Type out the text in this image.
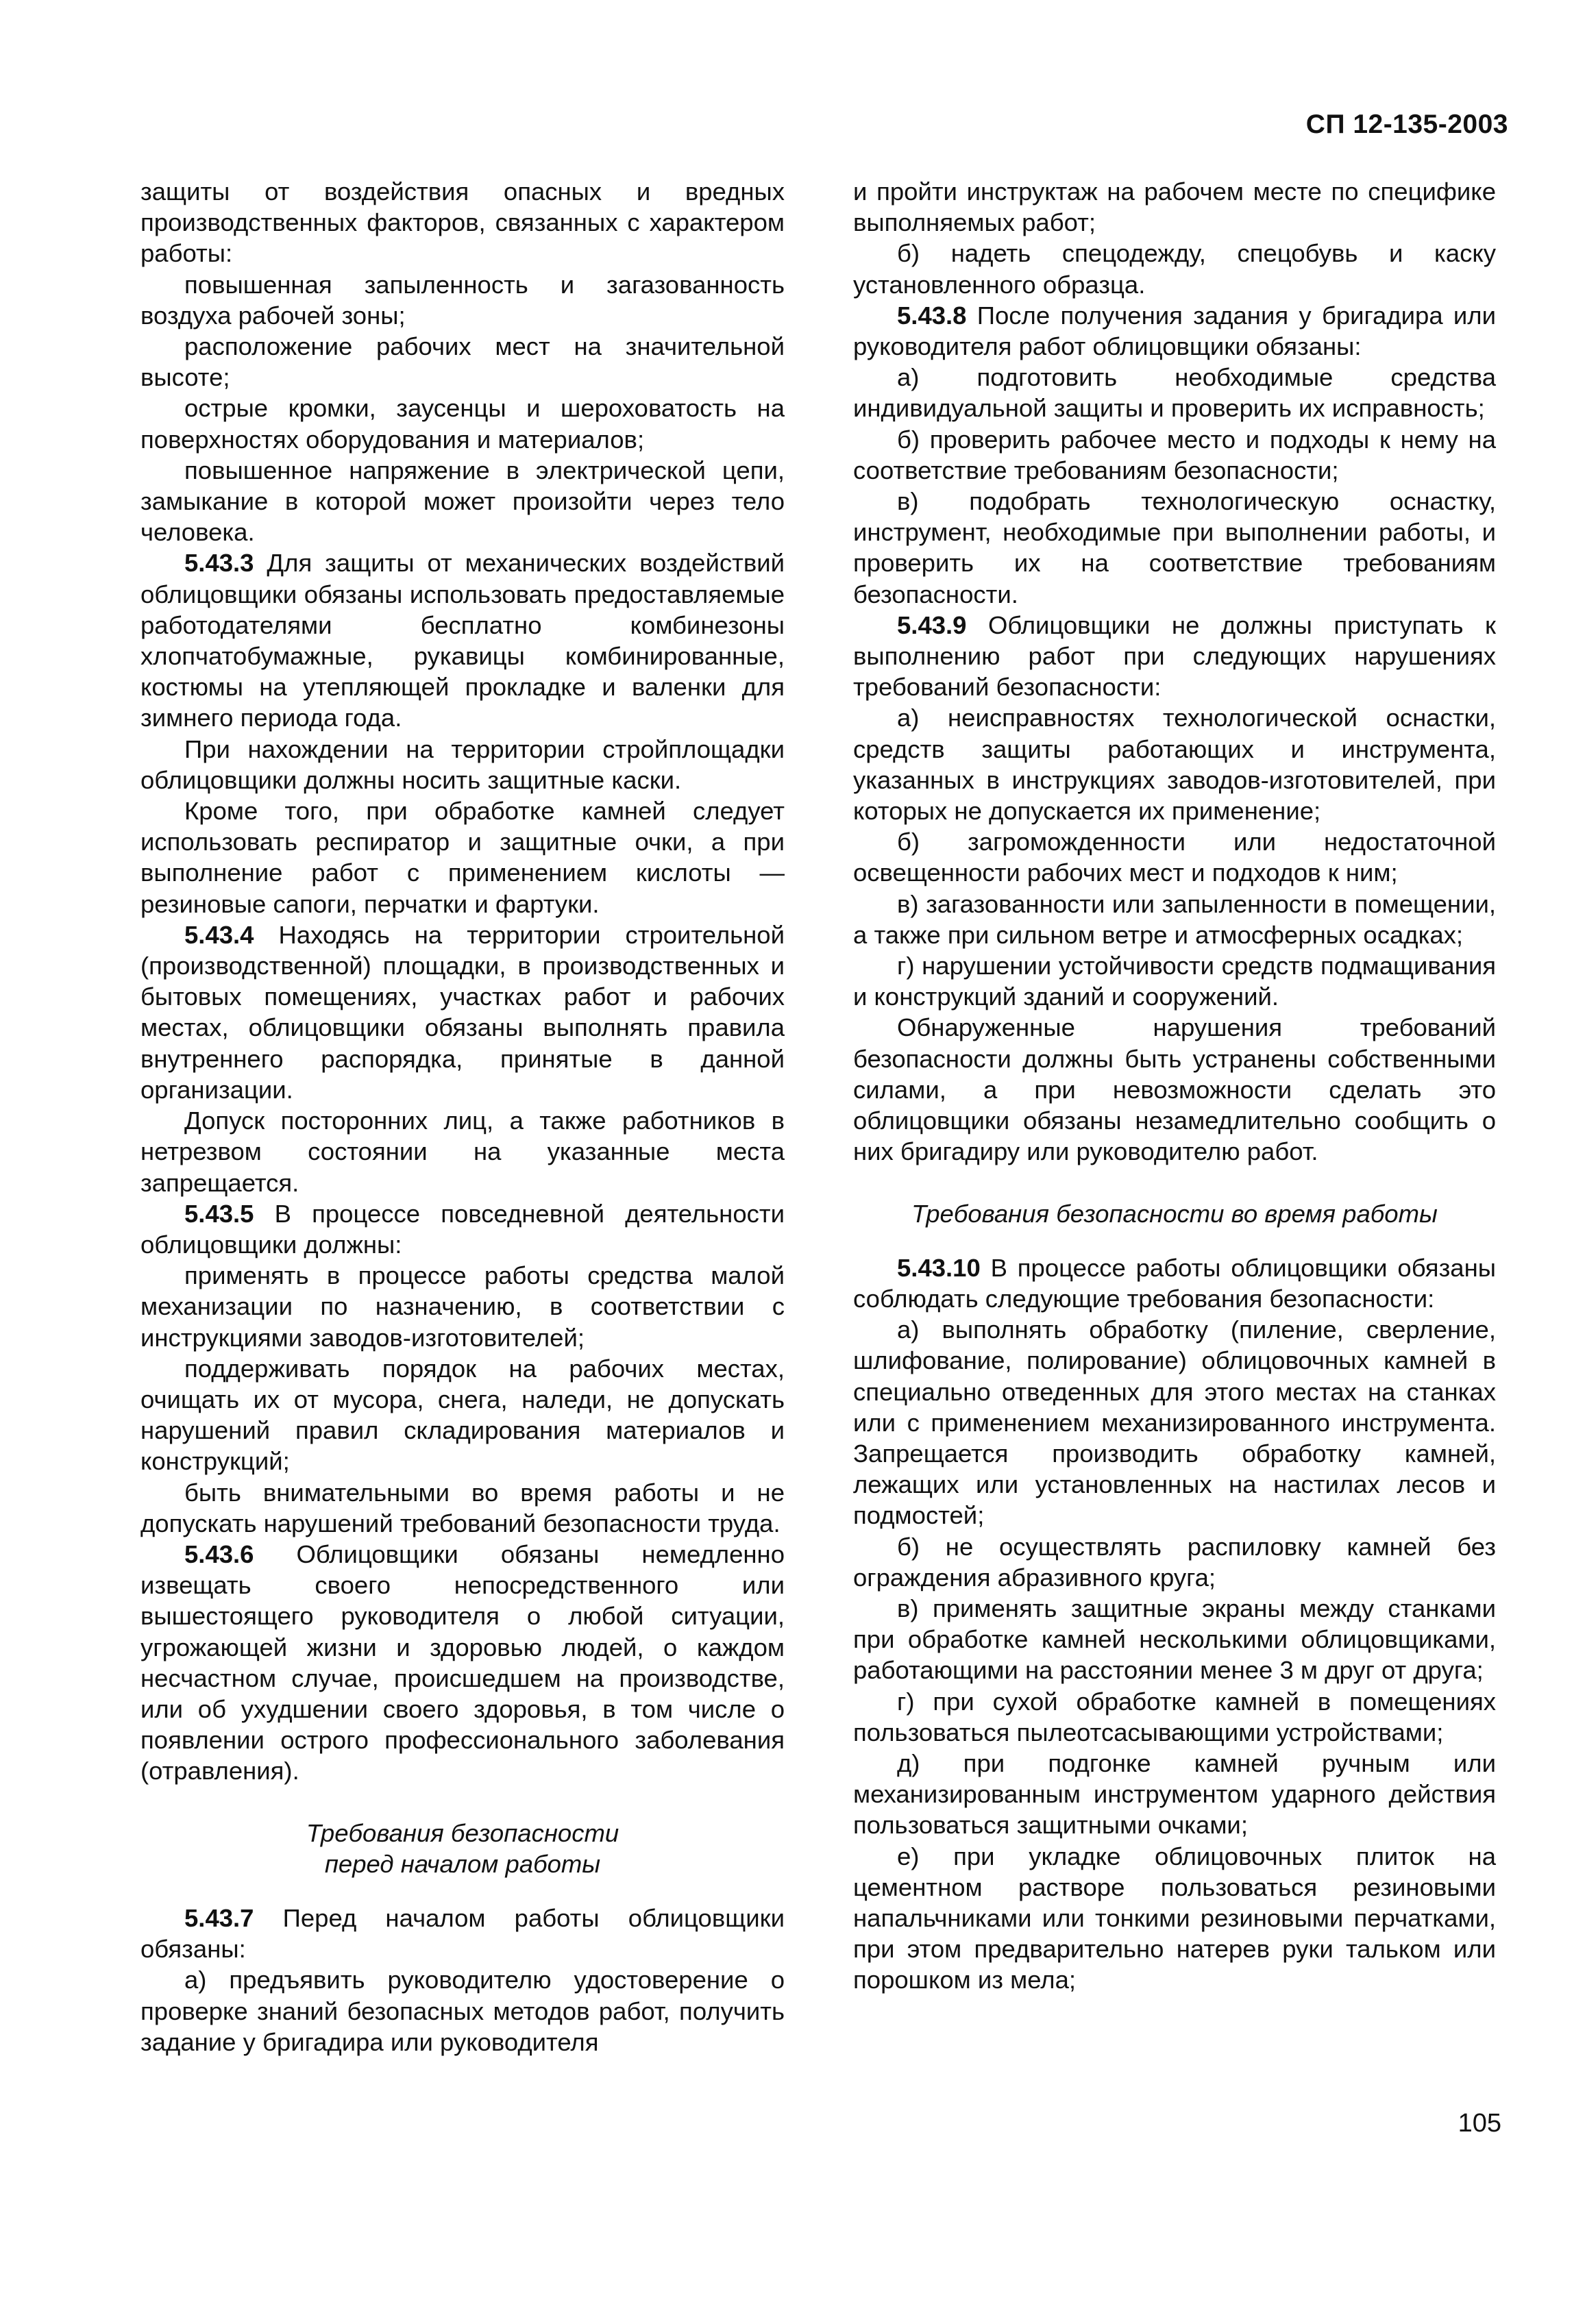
СП 12-135-2003

защиты от воздействия опасных и вредных производственных факторов, связанных с характером работы:

повышенная запыленность и загазованность воздуха рабочей зоны;

расположение рабочих мест на значительной высоте;

острые кромки, заусенцы и шероховатость на поверхностях оборудования и материалов;

повышенное напряжение в электрической цепи, замыкание в которой может произойти через тело человека.

5.43.3 Для защиты от механических воздействий облицовщики обязаны использовать предоставляемые работодателями бесплатно комбинезоны хлопчатобумажные, рукавицы комбинированные, костюмы на утепляющей прокладке и валенки для зимнего периода года.

При нахождении на территории стройплощадки облицовщики должны носить защитные каски.

Кроме того, при обработке камней следует использовать респиратор и защитные очки, а при выполнение работ с применением кислоты — резиновые сапоги, перчатки и фартуки.

5.43.4 Находясь на территории строительной (производственной) площадки, в производственных и бытовых помещениях, участках работ и рабочих местах, облицовщики обязаны выполнять правила внутреннего распорядка, принятые в данной организации.

Допуск посторонних лиц, а также работников в нетрезвом состоянии на указанные места запрещается.

5.43.5 В процессе повседневной деятельности облицовщики должны:

применять в процессе работы средства малой механизации по назначению, в соответствии с инструкциями заводов-изготовителей;

поддерживать порядок на рабочих местах, очищать их от мусора, снега, наледи, не допускать нарушений правил складирования материалов и конструкций;

быть внимательными во время работы и не допускать нарушений требований безопасности труда.

5.43.6 Облицовщики обязаны немедленно извещать своего непосредственного или вышестоящего руководителя о любой ситуации, угрожающей жизни и здоровью людей, о каждом несчастном случае, происшедшем на производстве, или об ухудшении своего здоровья, в том числе о появлении острого профессионального заболевания (отравления).

Требования безопасности
перед началом работы

5.43.7 Перед началом работы облицовщики обязаны:

а) предъявить руководителю удостоверение о проверке знаний безопасных методов работ, получить задание у бригадира или руководителя

и пройти инструктаж на рабочем месте по специфике выполняемых работ;

б) надеть спецодежду, спецобувь и каску установленного образца.

5.43.8 После получения задания у бригадира или руководителя работ облицовщики обязаны:

а) подготовить необходимые средства индивидуальной защиты и проверить их исправность;

б) проверить рабочее место и подходы к нему на соответствие требованиям безопасности;

в) подобрать технологическую оснастку, инструмент, необходимые при выполнении работы, и проверить их на соответствие требованиям безопасности.

5.43.9 Облицовщики не должны приступать к выполнению работ при следующих нарушениях требований безопасности:

а) неисправностях технологической оснастки, средств защиты работающих и инструмента, указанных в инструкциях заводов-изготовителей, при которых не допускается их применение;

б) загроможденности или недостаточной освещенности рабочих мест и подходов к ним;

в) загазованности или запыленности в помещении, а также при сильном ветре и атмосферных осадках;

г) нарушении устойчивости средств подмащивания и конструкций зданий и сооружений.

Обнаруженные нарушения требований безопасности должны быть устранены собственными силами, а при невозможности сделать это облицовщики обязаны незамедлительно сообщить о них бригадиру или руководителю работ.

Требования безопасности во время работы

5.43.10 В процессе работы облицовщики обязаны соблюдать следующие требования безопасности:

а) выполнять обработку (пиление, сверление, шлифование, полирование) облицовочных камней в специально отведенных для этого местах на станках или с применением механизированного инструмента. Запрещается производить обработку камней, лежащих или установленных на настилах лесов и подмостей;

б) не осуществлять распиловку камней без ограждения абразивного круга;

в) применять защитные экраны между станками при обработке камней несколькими облицовщиками, работающими на расстоянии менее 3 м друг от друга;

г) при сухой обработке камней в помещениях пользоваться пылеотсасывающими устройствами;

д) при подгонке камней ручным или механизированным инструментом ударного действия пользоваться защитными очками;

е) при укладке облицовочных плиток на цементном растворе пользоваться резиновыми напальчниками или тонкими резиновыми перчатками, при этом предварительно натерев руки тальком или порошком из мела;

105
